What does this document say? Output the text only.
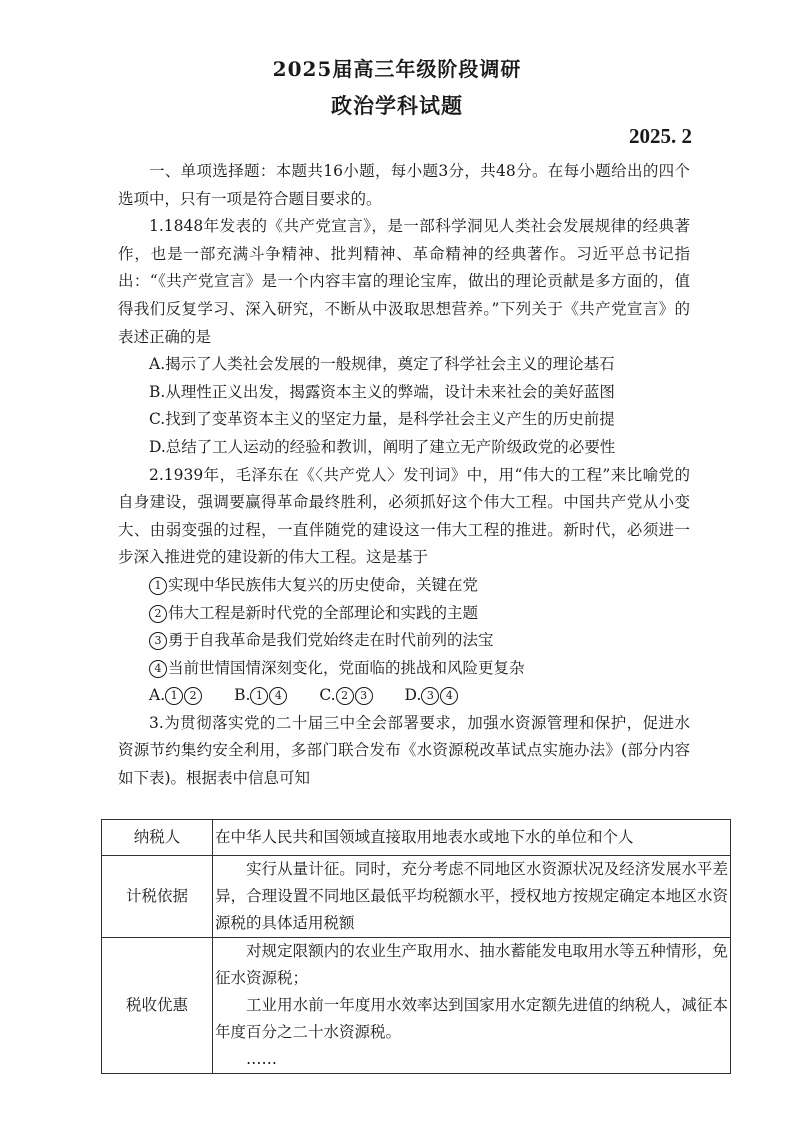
2025届高三年级阶段调研
政治学科试题
2025. 2

一、单项选择题：本题共16小题，每小题3分，共48分。在每小题给出的四个选项中，只有一项是符合题目要求的。

1.1848年发表的《共产党宣言》，是一部科学洞见人类社会发展规律的经典著作，也是一部充满斗争精神、批判精神、革命精神的经典著作。习近平总书记指出：“《共产党宣言》是一个内容丰富的理论宝库，做出的理论贡献是多方面的，值得我们反复学习、深入研究，不断从中汲取思想营养。”下列关于《共产党宣言》的表述正确的是

A.揭示了人类社会发展的一般规律，奠定了科学社会主义的理论基石

B.从理性正义出发，揭露资本主义的弊端，设计未来社会的美好蓝图

C.找到了变革资本主义的坚定力量，是科学社会主义产生的历史前提

D.总结了工人运动的经验和教训，阐明了建立无产阶级政党的必要性

2.1939年，毛泽东在《〈共产党人〉发刊词》中，用“伟大的工程”来比喻党的自身建设，强调要赢得革命最终胜利，必须抓好这个伟大工程。中国共产党从小变大、由弱变强的过程，一直伴随党的建设这一伟大工程的推进。新时代，必须进一步深入推进党的建设新的伟大工程。这是基于

1 实现中华民族伟大复兴的历史使命，关键在党

2 伟大工程是新时代党的全部理论和实践的主题

3 勇于自我革命是我们党始终走在时代前列的法宝

4 当前世情国情深刻变化，党面临的挑战和风险更复杂

A. 1 2 B. 1 4 C. 2 3 D. 3 4

3.为贯彻落实党的二十届三中全会部署要求，加强水资源管理和保护，促进水资源节约集约安全利用，多部门联合发布《水资源税改革试点实施办法》(部分内容如下表)。根据表中信息可知

纳税人	在中华人民共和国领域直接取用地表水或地下水的单位和个人
计税依据	实行从量计征。同时，充分考虑不同地区水资源状况及经济发展水平差异，合理设置不同地区最低平均税额水平，授权地方按规定确定本地区水资源税的具体适用税额
税收优惠	对规定限额内的农业生产取用水、抽水蓄能发电取用水等五种情形，免征水资源税；
工业用水前一年度用水效率达到国家用水定额先进值的纳税人，减征本年度百分之二十水资源税。
……
